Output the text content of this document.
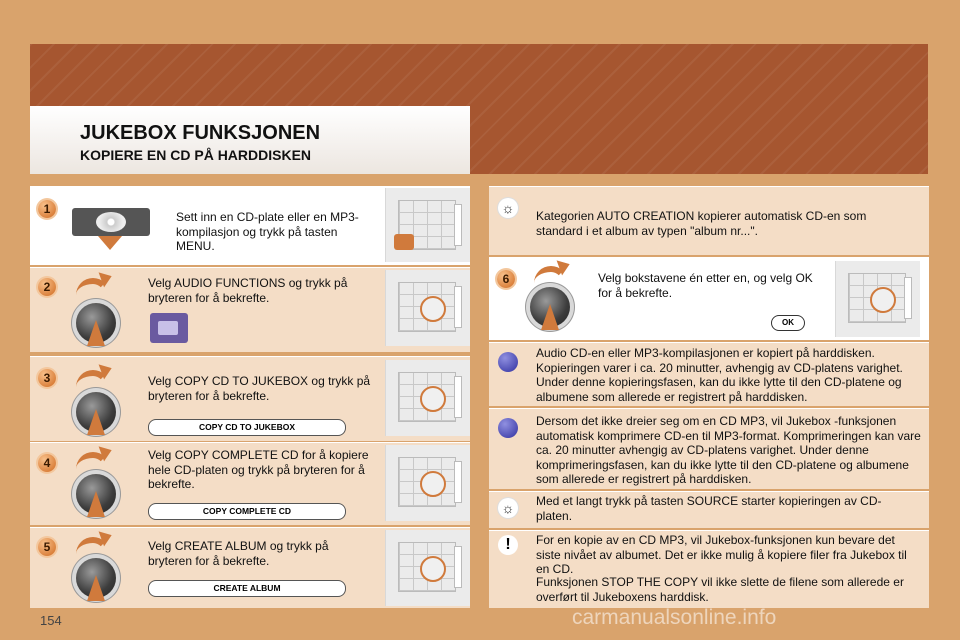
JUKEBOX FUNKSJONEN
KOPIERE EN CD PÅ HARDDISKEN
1
Sett inn en CD-plate eller en MP3-kompilasjon og trykk på tasten MENU.
2	Velg AUDIO FUNCTIONS og trykk på bryteren for å bekrefte.
3	Velg COPY CD TO JUKEBOX og trykk på bryteren for å bekrefte.
COPY CD TO JUKEBOX
4
Velg COPY COMPLETE CD for å kopiere hele CD-platen og trykk på bryteren for å bekrefte.
COPY COMPLETE CD
5	Velg CREATE ALBUM og trykk på bryteren for å bekrefte.
CREATE ALBUM
☼ Kategorien AUTO CREATION kopierer automatisk CD-en som standard i et album av typen "album nr...".
6	Velg bokstavene én etter en, og velg OK for å bekrefte.
OK
Audio CD-en eller MP3-kompilasjonen er kopiert på harddisken. Kopieringen varer i ca. 20 minutter, avhengig av CD-platens varighet. Under denne kopieringsfasen, kan du ikke lytte til den CD-platene og albumene som allerede er registrert på harddisken.
Dersom det ikke dreier seg om en CD MP3, vil Jukebox -funksjonen automatisk komprimere CD-en til MP3-format. Komprimeringen kan vare ca. 20 minutter avhengig av CD-platens varighet. Under denne komprimeringsfasen, kan du ikke lytte til den CD-platene og albumene som allerede er registrert på harddisken.
☼ Med et langt trykk på tasten SOURCE starter kopieringen av CD-platen.
!	For en kopie av en CD MP3, vil Jukebox-funksjonen kun bevare det siste nivået av albumet. Det er ikke mulig å kopiere filer fra Jukebox til en CD.
Funksjonen STOP THE COPY vil ikke slette de filene som allerede er overført til Jukeboxens harddisk.
154	carmanualsonline.info
